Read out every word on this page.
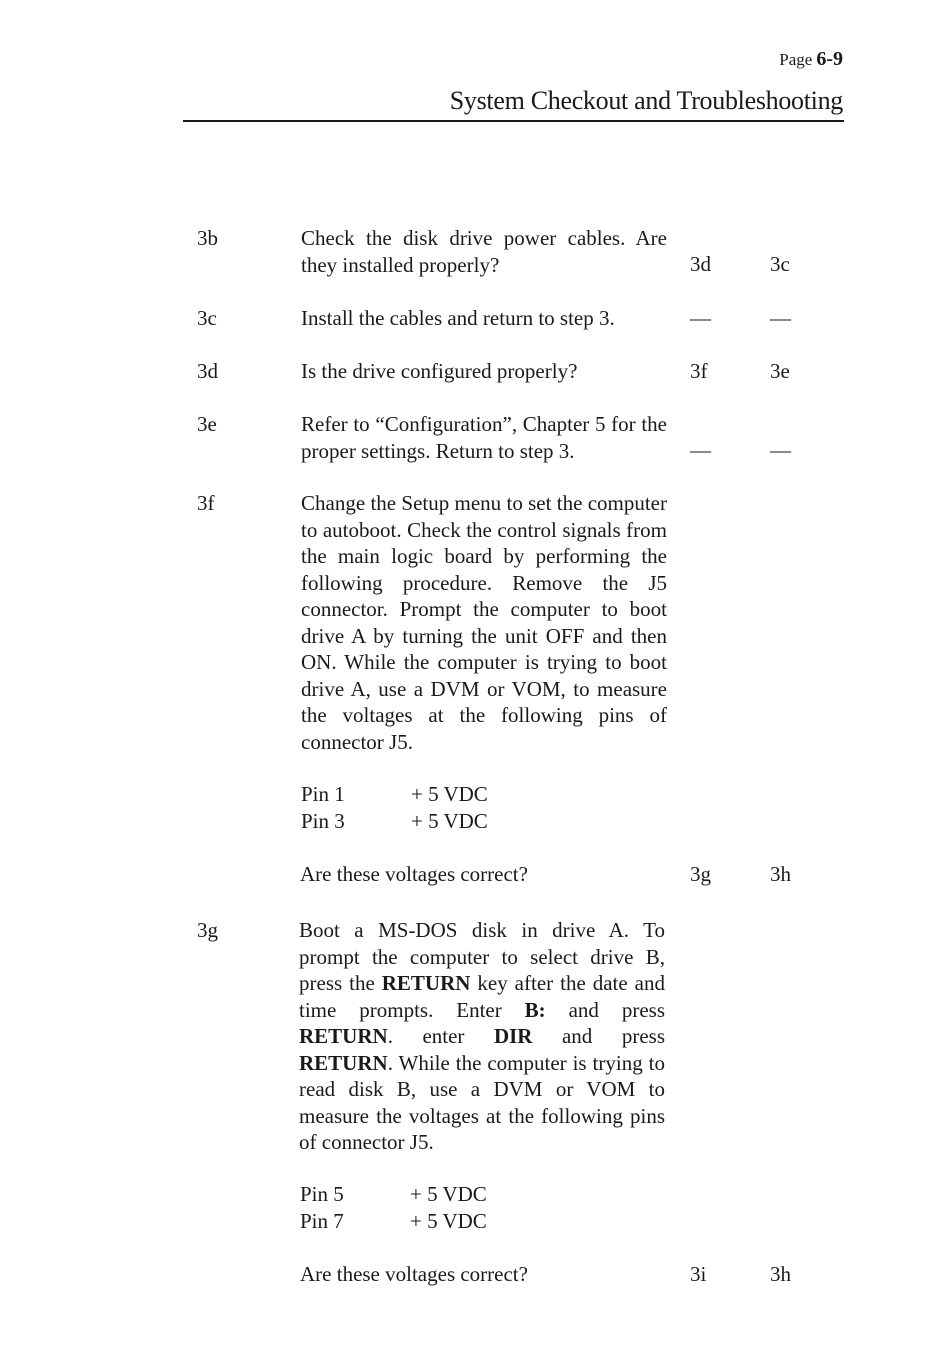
Page 6-9
System Checkout and Troubleshooting
3b	Check the disk drive power cables. Are they installed properly?	3d	3c
3c	Install the cables and return to step 3.	—	—
3d	Is the drive configured properly?	3f	3e
3e	Refer to “Configuration”, Chapter 5 for the proper settings. Return to step 3.	—	—
3f	Change the Setup menu to set the computer to autoboot. Check the control signals from the main logic board by performing the following procedure. Remove the J5 connector. Prompt the computer to boot drive A by turning the unit OFF and then ON. While the computer is trying to boot drive A, use a DVM or VOM, to measure the voltages at the following pins of connector J5.
Pin 1	+ 5 VDC
Pin 3	+ 5 VDC
Are these voltages correct?	3g	3h
3g	Boot a MS-DOS disk in drive A. To prompt the computer to select drive B, press the RETURN key after the date and time prompts. Enter B: and press RETURN. enter DIR and press RETURN. While the computer is trying to read disk B, use a DVM or VOM to measure the voltages at the following pins of connector J5.
Pin 5	+ 5 VDC
Pin 7	+ 5 VDC
Are these voltages correct?	3i	3h
